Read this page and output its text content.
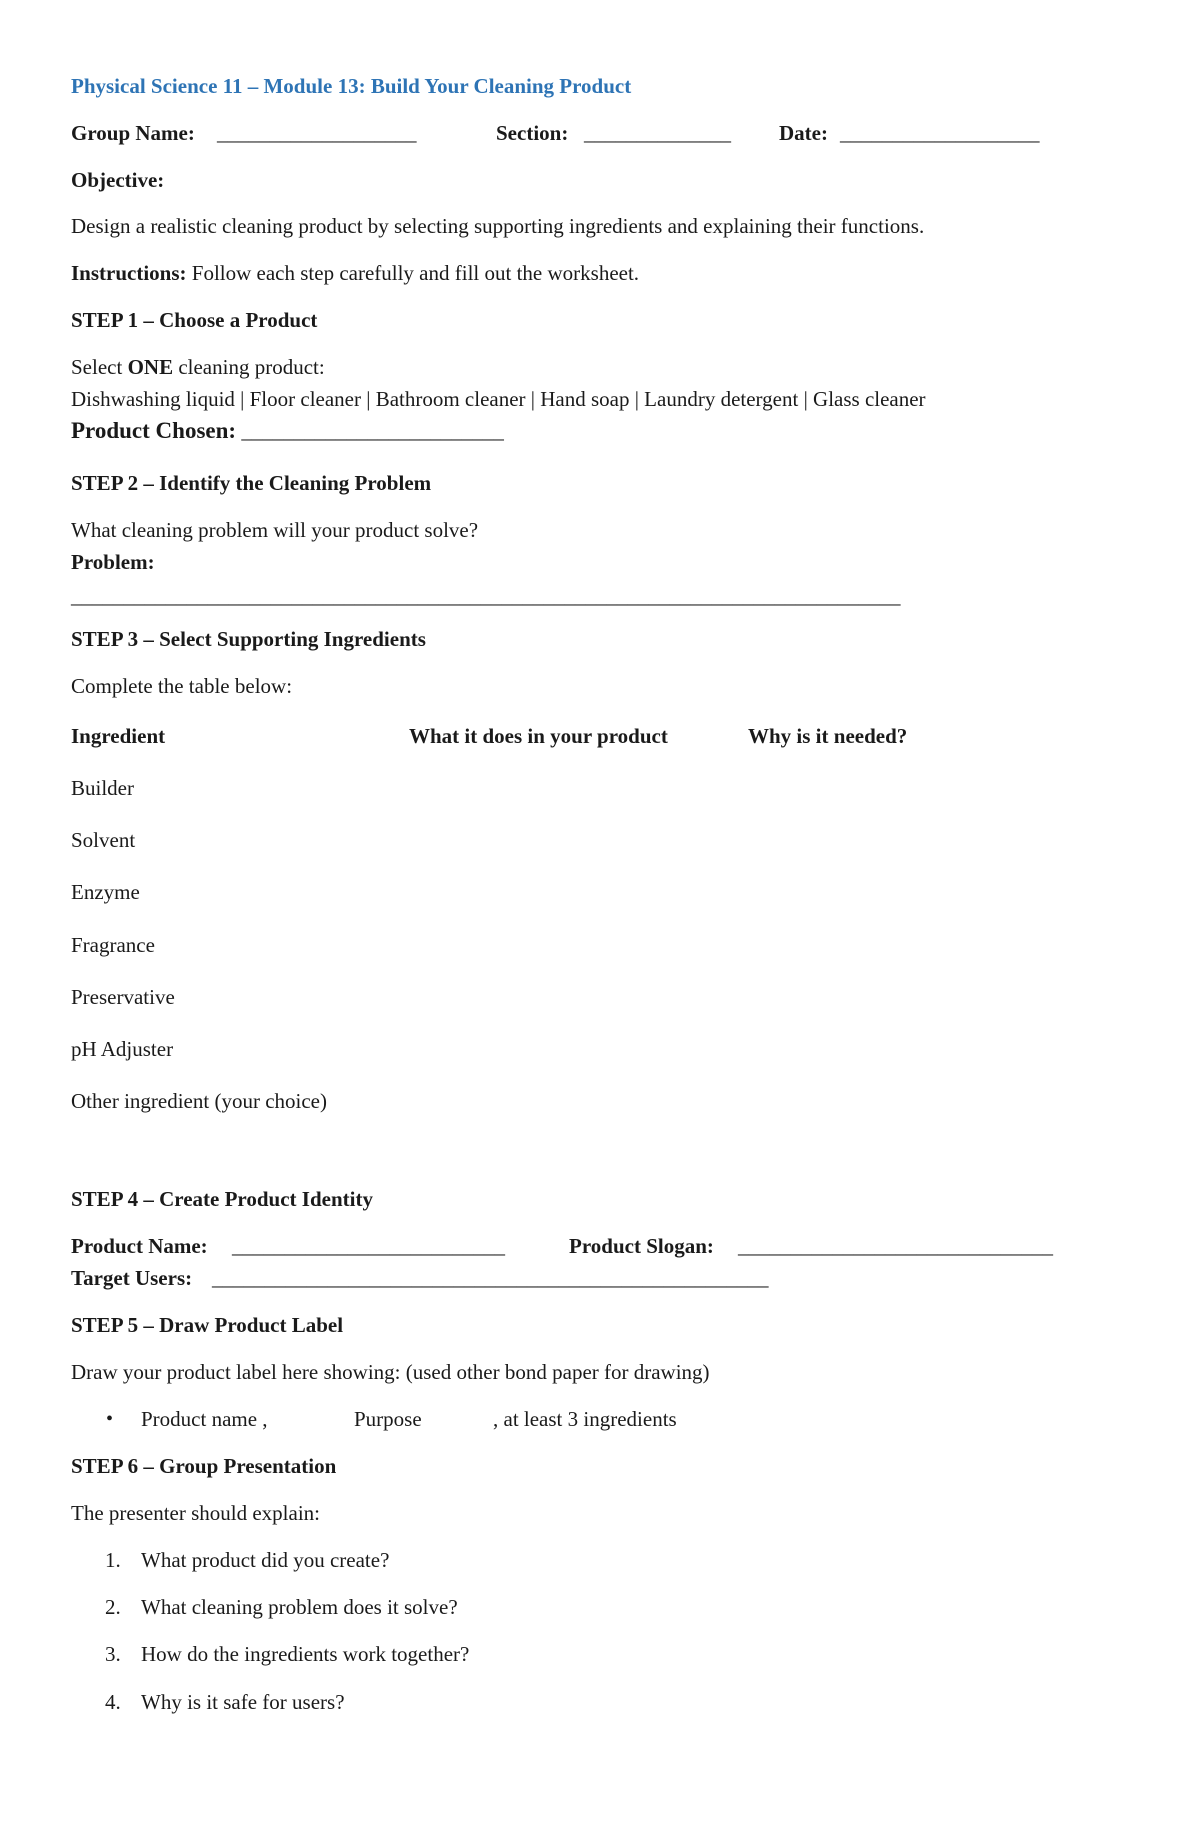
Physical Science 11 – Module 13: Build Your Cleaning Product
Group Name: ___________________	Section: ______________ Date: ___________________
Objective:
Design a realistic cleaning product by selecting supporting ingredients and explaining their functions.
Instructions: Follow each step carefully and fill out the worksheet.
STEP 1 – Choose a Product
Select ONE cleaning product:
Dishwashing liquid | Floor cleaner | Bathroom cleaner | Hand soap | Laundry detergent | Glass cleaner
Product Chosen: _________________________
STEP 2 – Identify the Cleaning Problem
What cleaning problem will your product solve?
Problem:
_______________________________________________________________________________
STEP 3 – Select Supporting Ingredients
Complete the table below:
Ingredient	What it does in your product	Why is it needed?
Builder
Solvent
Enzyme
Fragrance
Preservative
pH Adjuster
Other ingredient (your choice)
STEP 4 – Create Product Identity
Product Name: __________________________	Product Slogan: ______________________________
Target Users: _____________________________________________________
STEP 5 – Draw Product Label
Draw your product label here showing: (used other bond paper for drawing)
• Product name ,	Purpose	, at least 3 ingredients
STEP 6 – Group Presentation
The presenter should explain:
1. What product did you create?
2. What cleaning problem does it solve?
3. How do the ingredients work together?
4. Why is it safe for users?
